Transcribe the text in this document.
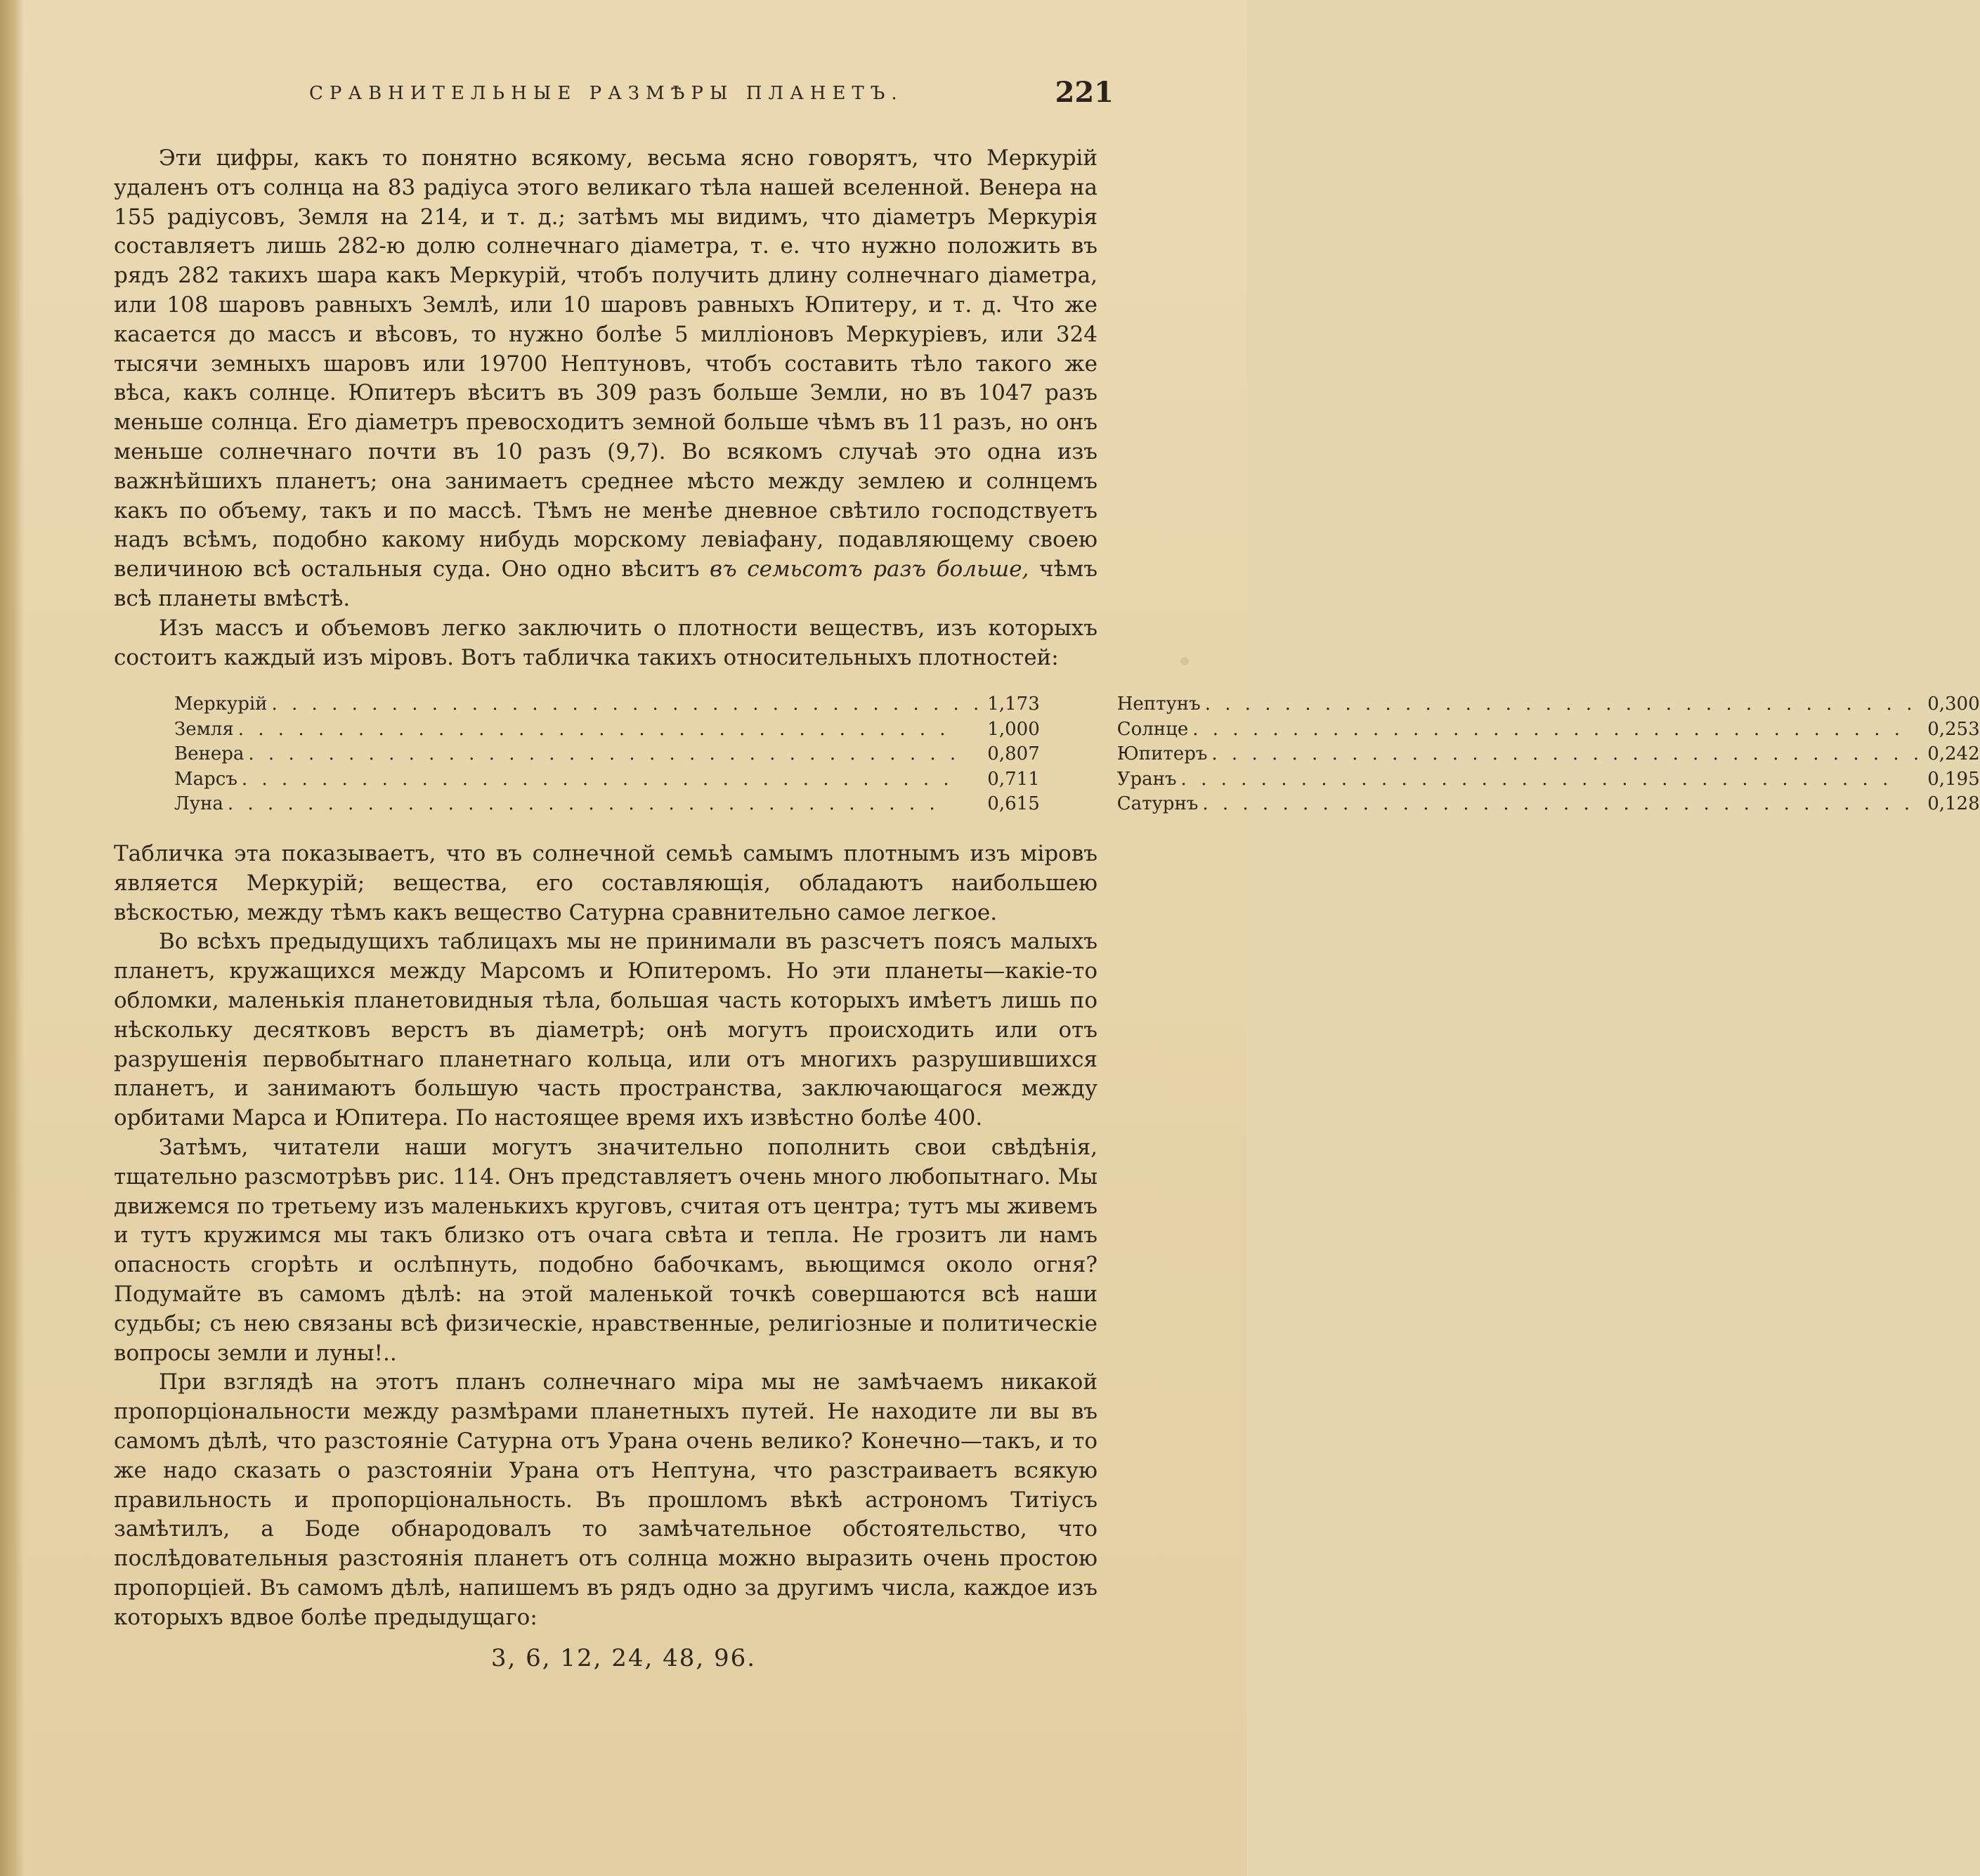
СРАВНИТЕЛЬНЫЕ РАЗМѢРЫ ПЛАНЕТЪ.	221

Эти цифры, какъ то понятно всякому, весьма ясно говорятъ, что Меркурій удаленъ отъ солнца на 83 радіуса этого великаго тѣла нашей вселенной. Венера на 155 радіусовъ, Земля на 214, и т. д.; затѣмъ мы видимъ, что діаметръ Меркурія составляетъ лишь 282-ю долю солнечнаго діаметра, т. е. что нужно положить въ рядъ 282 такихъ шара какъ Меркурій, чтобъ получить длину солнечнаго діаметра, или 108 шаровъ равныхъ Землѣ, или 10 шаровъ равныхъ Юпитеру, и т. д. Что же касается до массъ и вѣсовъ, то нужно болѣе 5 милліоновъ Меркуріевъ, или 324 тысячи земныхъ шаровъ или 19700 Нептуновъ, чтобъ составить тѣло такого же вѣса, какъ солнце. Юпитеръ вѣситъ въ 309 разъ больше Земли, но въ 1047 разъ меньше солнца. Его діаметръ превосходитъ земной больше чѣмъ въ 11 разъ, но онъ меньше солнечнаго почти въ 10 разъ (9,7). Во всякомъ случаѣ это одна изъ важнѣйшихъ планетъ; она занимаетъ среднее мѣсто между землею и солнцемъ какъ по объему, такъ и по массѣ. Тѣмъ не менѣе дневное свѣтило господствуетъ надъ всѣмъ, подобно какому нибудь морскому левіафану, подавляющему своею величиною всѣ остальныя суда. Оно одно вѣситъ въ семьсотъ разъ больше, чѣмъ всѣ планеты вмѣстѣ.

Изъ массъ и объемовъ легко заключить о плотности веществъ, изъ которыхъ состоитъ каждый изъ міровъ. Вотъ табличка такихъ относительныхъ плотностей:

Меркурій . . .	1,173
Земля . . .	1,000
Венера . . .	0,807
Марсъ . . .	0,711
Луна . . .	0,615
Нептунъ . . .	0,300
Солнце . . .	0,253
Юпитеръ . . .	0,242
Уранъ . . .	0,195
Сатурнъ . . .	0,128

Табличка эта показываетъ, что въ солнечной семьѣ самымъ плотнымъ изъ міровъ является Меркурій; вещества, его составляющія, обладаютъ наибольшею вѣскостью, между тѣмъ какъ вещество Сатурна сравнительно самое легкое.

Во всѣхъ предыдущихъ таблицахъ мы не принимали въ разсчетъ поясъ малыхъ планетъ, кружащихся между Марсомъ и Юпитеромъ. Но эти планеты—какіе-то обломки, маленькія планетовидныя тѣла, большая часть которыхъ имѣетъ лишь по нѣскольку десятковъ верстъ въ діаметрѣ; онѣ могутъ происходить или отъ разрушенія первобытнаго планетнаго кольца, или отъ многихъ разрушившихся планетъ, и занимаютъ большую часть пространства, заключающагося между орбитами Марса и Юпитера. По настоящее время ихъ извѣстно болѣе 400.

Затѣмъ, читатели наши могутъ значительно пополнить свои свѣдѣнія, тщательно разсмотрѣвъ рис. 114. Онъ представляетъ очень много любопытнаго. Мы движемся по третьему изъ маленькихъ круговъ, считая отъ центра; тутъ мы живемъ и тутъ кружимся мы такъ близко отъ очага свѣта и тепла. Не грозитъ ли намъ опасность сгорѣть и ослѣпнуть, подобно бабочкамъ, вьющимся около огня? Подумайте въ самомъ дѣлѣ: на этой маленькой точкѣ совершаются всѣ наши судьбы; съ нею связаны всѣ физическіе, нравственные, религіозные и политическіе вопросы земли и луны!..

При взглядѣ на этотъ планъ солнечнаго міра мы не замѣчаемъ никакой пропорціональности между размѣрами планетныхъ путей. Не находите ли вы въ самомъ дѣлѣ, что разстояніе Сатурна отъ Урана очень велико? Конечно—такъ, и то же надо сказать о разстояніи Урана отъ Нептуна, что разстраиваетъ всякую правильность и пропорціональность. Въ прошломъ вѣкѣ астрономъ Титіусъ замѣтилъ, а Боде обнародовалъ то замѣчательное обстоятельство, что послѣдовательныя разстоянія планетъ отъ солнца можно выразить очень простою пропорціей. Въ самомъ дѣлѣ, напишемъ въ рядъ одно за другимъ числа, каждое изъ которыхъ вдвое болѣе предыдущаго:

3, 6, 12, 24, 48, 96.
